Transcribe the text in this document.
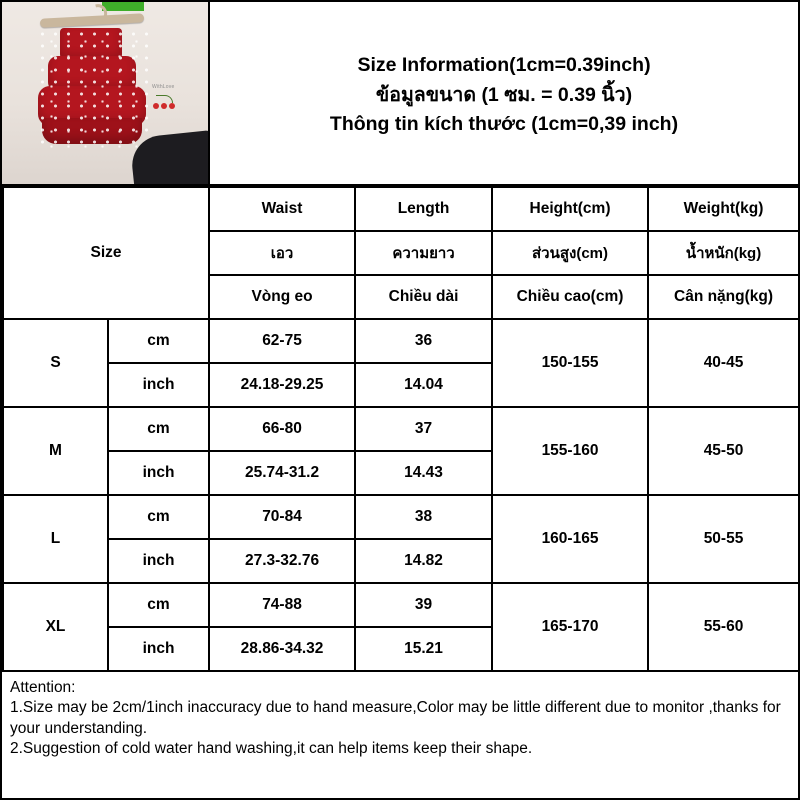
WithLove
Size Information(1cm=0.39inch)
ข้อมูลขนาด (1 ซม. = 0.39 นิ้ว)
Thông tin kích thước (1cm=0,39 inch)
Size		Waist	Length	Height(cm)	Weight(kg)
		เอว	ความยาว	ส่วนสูง(cm)	น้ำหนัก(kg)
		Vòng eo	Chiều dài	Chiều cao(cm)	Cân nặng(kg)
S	cm	62-75	36	150-155	40-45
	inch	24.18-29.25	14.04		
M	cm	66-80	37	155-160	45-50
	inch	25.74-31.2	14.43		
L	cm	70-84	38	160-165	50-55
	inch	27.3-32.76	14.82		
XL	cm	74-88	39	165-170	55-60
	inch	28.86-34.32	15.21		
Attention:
1.Size may be 2cm/1inch inaccuracy due to hand measure,Color may be little different due to monitor ,thanks for your understanding.
2.Suggestion of cold water hand washing,it can help items keep their shape.
